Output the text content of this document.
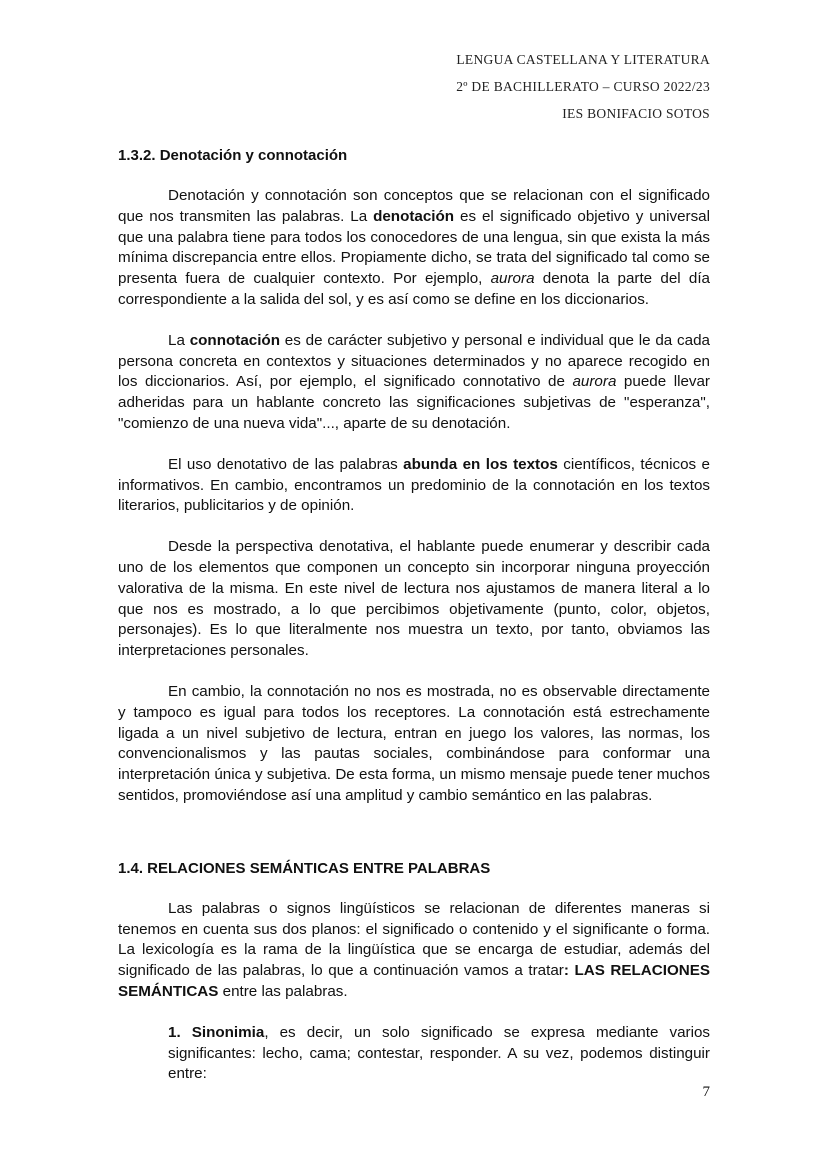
LENGUA CASTELLANA Y LITERATURA
2º DE BACHILLERATO – CURSO 2022/23
IES BONIFACIO SOTOS
1.3.2. Denotación y connotación

Denotación y connotación son conceptos que se relacionan con el significado que nos transmiten las palabras. La denotación es el significado objetivo y universal que una palabra tiene para todos los conocedores de una lengua, sin que exista la más mínima discrepancia entre ellos. Propiamente dicho, se trata del significado tal como se presenta fuera de cualquier contexto. Por ejemplo, aurora denota la parte del día correspondiente a la salida del sol, y es así como se define en los diccionarios.

La connotación es de carácter subjetivo y personal e individual que le da cada persona concreta en contextos y situaciones determinados y no aparece recogido en los diccionarios. Así, por ejemplo, el significado connotativo de aurora puede llevar adheridas para un hablante concreto las significaciones subjetivas de "esperanza", "comienzo de una nueva vida"..., aparte de su denotación.

El uso denotativo de las palabras abunda en los textos científicos, técnicos e informativos. En cambio, encontramos un predominio de la connotación en los textos literarios, publicitarios y de opinión.

Desde la perspectiva denotativa, el hablante puede enumerar y describir cada uno de los elementos que componen un concepto sin incorporar ninguna proyección valorativa de la misma. En este nivel de lectura nos ajustamos de manera literal a lo que nos es mostrado, a lo que percibimos objetivamente (punto, color, objetos, personajes). Es lo que literalmente nos muestra un texto, por tanto, obviamos las interpretaciones personales.

En cambio, la connotación no nos es mostrada, no es observable directamente y tampoco es igual para todos los receptores. La connotación está estrechamente ligada a un nivel subjetivo de lectura, entran en juego los valores, las normas, los convencionalismos y las pautas sociales, combinándose para conformar una interpretación única y subjetiva. De esta forma, un mismo mensaje puede tener muchos sentidos, promoviéndose así una amplitud y cambio semántico en las palabras.

1.4. RELACIONES SEMÁNTICAS ENTRE PALABRAS

Las palabras o signos lingüísticos se relacionan de diferentes maneras si tenemos en cuenta sus dos planos: el significado o contenido y el significante o forma. La lexicología es la rama de la lingüística que se encarga de estudiar, además del significado de las palabras, lo que a continuación vamos a tratar: LAS RELACIONES SEMÁNTICAS entre las palabras.

1. Sinonimia, es decir, un solo significado se expresa mediante varios significantes: lecho, cama; contestar, responder. A su vez, podemos distinguir entre:
7
